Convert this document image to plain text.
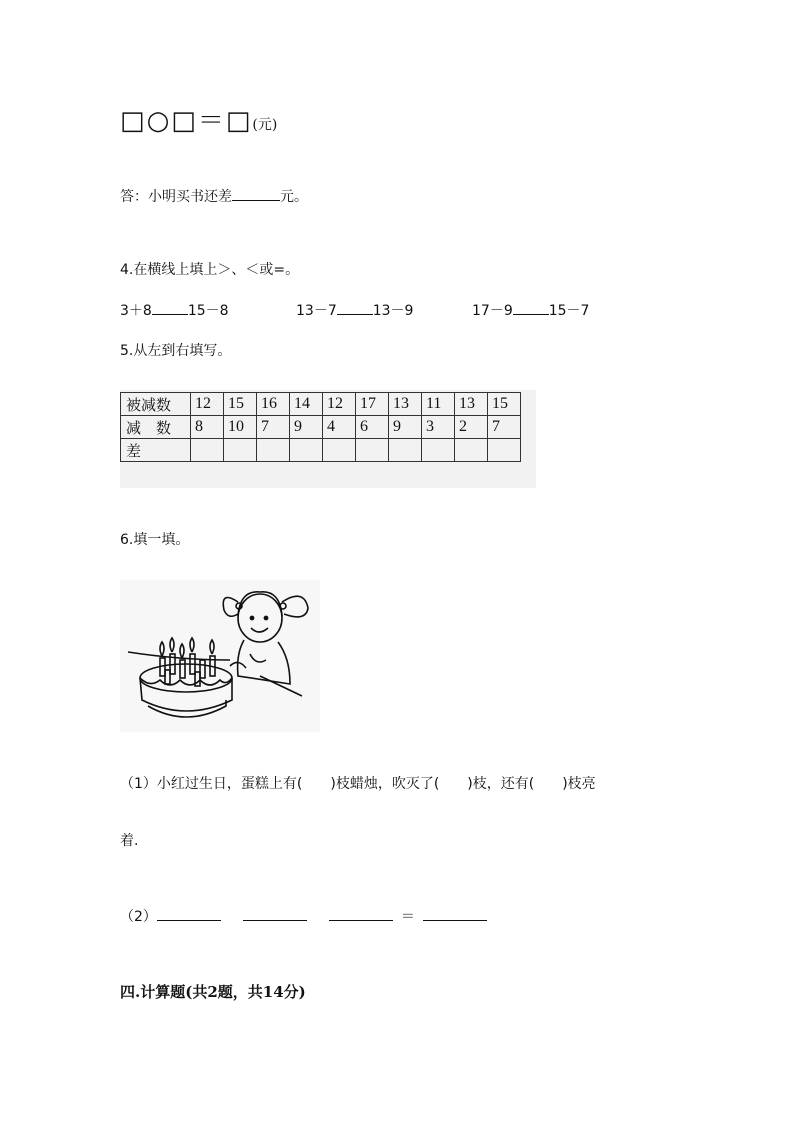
□○□＝□(元)
答：小明买书还差	元。
4.在横线上填上＞、＜或=。
3＋8	15－8	13－7	13－9	17－9	15－7
5.从左到右填写。
被减数	12	15	16	14	12	17	13	11	13	15
减　数	8	10	7	9	4	6	9	3	2	7
差										
6.填一填。
（1）小红过生日，蛋糕上有(　　)枝蜡烛，吹灭了(　　)枝，还有(　　)枝亮
着.
（2）	＝
四.计算题(共2题，共14分)
